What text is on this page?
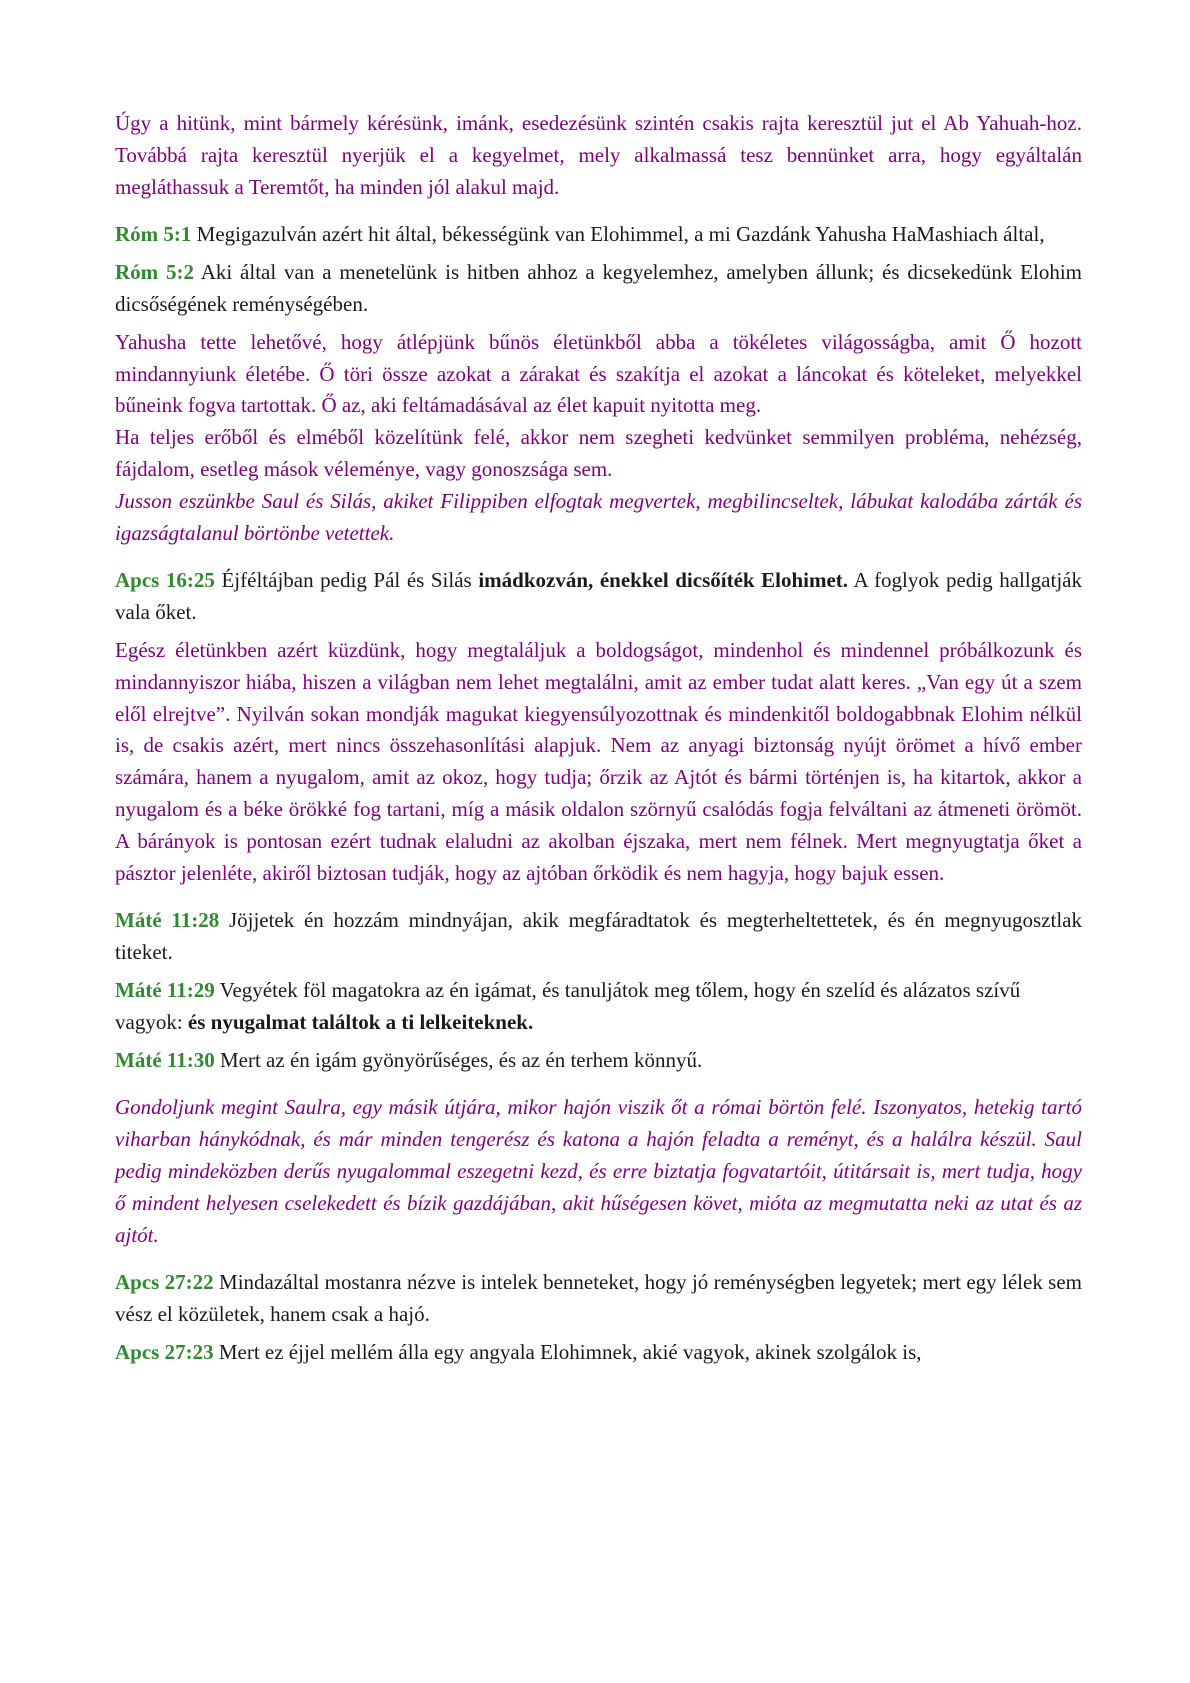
Úgy a hitünk, mint bármely kérésünk, imánk, esedezésünk szintén csakis rajta keresztül jut el Ab Yahuah-hoz. Továbbá rajta keresztül nyerjük el a kegyelmet, mely alkalmassá tesz bennünket arra, hogy egyáltalán megláthassuk a Teremtőt, ha minden jól alakul majd.

Róm 5:1 Megigazulván azért hit által, békességünk van Elohimmel, a mi Gazdánk Yahusha HaMashiach által,

Róm 5:2 Aki által van a menetelünk is hitben ahhoz a kegyelemhez, amelyben állunk; és dicsekedünk Elohim dicsőségének reménységében.

Yahusha tette lehetővé, hogy átlépjünk bűnös életünkből abba a tökéletes világosságba, amit Ő hozott mindannyiunk életébe. Ő töri össze azokat a zárakat és szakítja el azokat a láncokat és köteleket, melyekkel bűneink fogva tartottak. Ő az, aki feltámadásával az élet kapuit nyitotta meg.

Ha teljes erőből és elméből közelítünk felé, akkor nem szegheti kedvünket semmilyen probléma, nehézség, fájdalom, esetleg mások véleménye, vagy gonoszsága sem.

Jusson eszünkbe Saul és Silás, akiket Filippiben elfogtak megvertek, megbilincseltek, lábukat kalodába zárták és igazságtalanul börtönbe vetettek.

Apcs 16:25 Éjféltájban pedig Pál és Silás imádkozván, énekkel dicsőíték Elohimet. A foglyok pedig hallgatják vala őket.

Egész életünkben azért küzdünk, hogy megtaláljuk a boldogságot, mindenhol és mindennel próbálkozunk és mindannyiszor hiába, hiszen a világban nem lehet megtalálni, amit az ember tudat alatt keres. „Van egy út a szem elől elrejtve”. Nyilván sokan mondják magukat kiegyensúlyozottnak és mindenkitől boldogabbnak Elohim nélkül is, de csakis azért, mert nincs összehasonlítási alapjuk. Nem az anyagi biztonság nyújt örömet a hívő ember számára, hanem a nyugalom, amit az okoz, hogy tudja; őrzik az Ajtót és bármi történjen is, ha kitartok, akkor a nyugalom és a béke örökké fog tartani, míg a másik oldalon szörnyű csalódás fogja felváltani az átmeneti örömöt. A bárányok is pontosan ezért tudnak elaludni az akolban éjszaka, mert nem félnek. Mert megnyugtatja őket a pásztor jelenléte, akiről biztosan tudják, hogy az ajtóban őrködik és nem hagyja, hogy bajuk essen.

Máté 11:28 Jöjjetek én hozzám mindnyájan, akik megfáradtatok és megterheltettetek, és én megnyugosztlak titeket.

Máté 11:29 Vegyétek föl magatokra az én igámat, és tanuljátok meg tőlem, hogy én szelíd és alázatos szívű vagyok: és nyugalmat találtok a ti lelkeiteknek.

Máté 11:30 Mert az én igám gyönyörűséges, és az én terhem könnyű.

Gondoljunk megint Saulra, egy másik útjára, mikor hajón viszik őt a római börtön felé. Iszonyatos, hetekig tartó viharban hánykódnak, és már minden tengerész és katona a hajón feladta a reményt, és a halálra készül. Saul pedig mindeközben derűs nyugalommal eszegetni kezd, és erre biztatja fogvatartóit, útitársait is, mert tudja, hogy ő mindent helyesen cselekedett és bízik gazdájában, akit hűségesen követ, mióta az megmutatta neki az utat és az ajtót.

Apcs 27:22 Mindazáltal mostanra nézve is intelek benneteket, hogy jó reménységben legyetek; mert egy lélek sem vész el közületek, hanem csak a hajó.

Apcs 27:23 Mert ez éjjel mellém álla egy angyala Elohimnek, akié vagyok, akinek szolgálok is,
